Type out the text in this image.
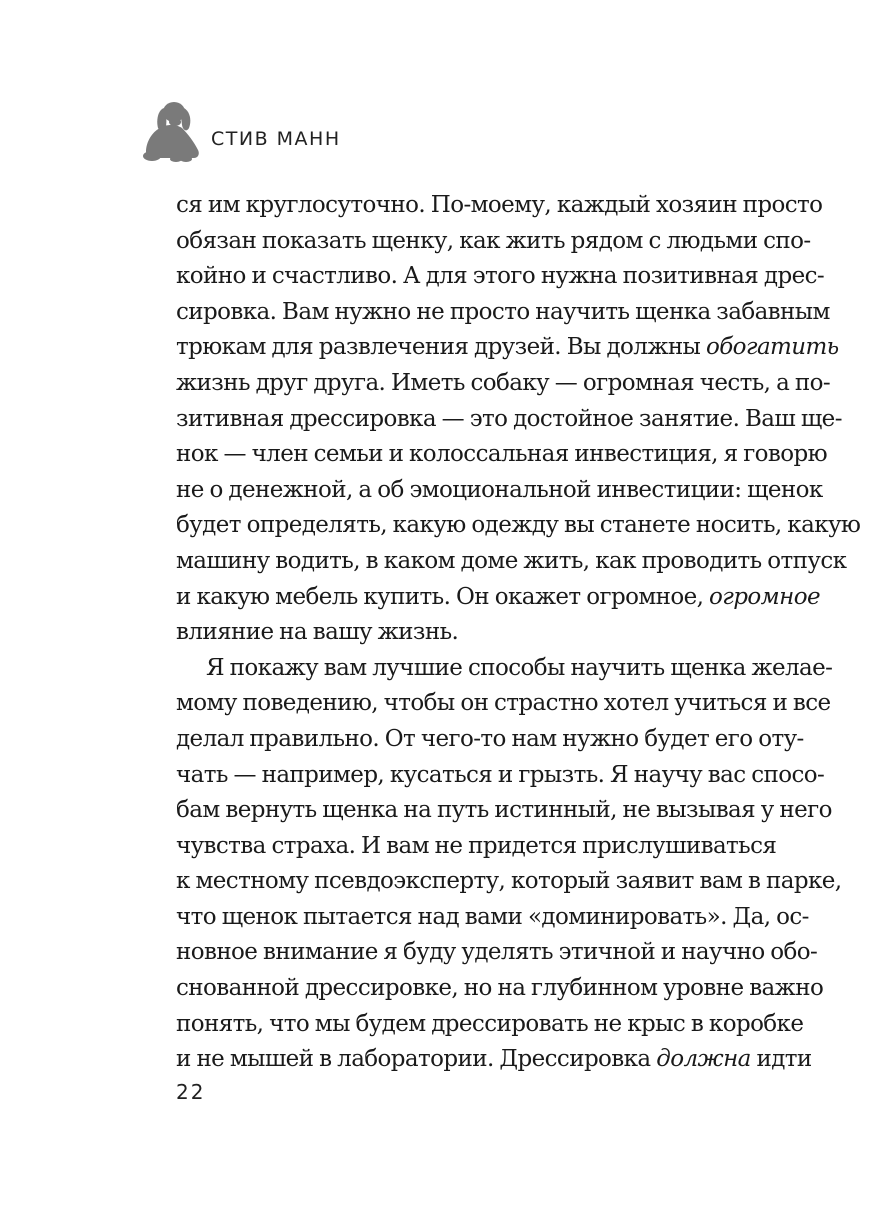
СТИВ МАНН
ся им круглосуточно. По-моему, каждый хозяин просто
обязан показать щенку, как жить рядом с людьми спо-
койно и счастливо. А для этого нужна позитивная дрес-
сировка. Вам нужно не просто научить щенка забавным
трюкам для развлечения друзей. Вы должны обогатить
жизнь друг друга. Иметь собаку — огромная честь, а по-
зитивная дрессировка — это достойное занятие. Ваш ще-
нок — член семьи и колоссальная инвестиция, я говорю
не о денежной, а об эмоциональной инвестиции: щенок
будет определять, какую одежду вы станете носить, какую
машину водить, в каком доме жить, как проводить отпуск
и какую мебель купить. Он окажет огромное, огромное
влияние на вашу жизнь.
Я покажу вам лучшие способы научить щенка желае-
мому поведению, чтобы он страстно хотел учиться и все
делал правильно. От чего-то нам нужно будет его оту-
чать — например, кусаться и грызть. Я научу вас спосо-
бам вернуть щенка на путь истинный, не вызывая у него
чувства страха. И вам не придется прислушиваться
к местному псевдоэксперту, который заявит вам в парке,
что щенок пытается над вами «доминировать». Да, ос-
новное внимание я буду уделять этичной и научно обо-
снованной дрессировке, но на глубинном уровне важно
понять, что мы будем дрессировать не крыс в коробке
и не мышей в лаборатории. Дрессировка должна идти
22
